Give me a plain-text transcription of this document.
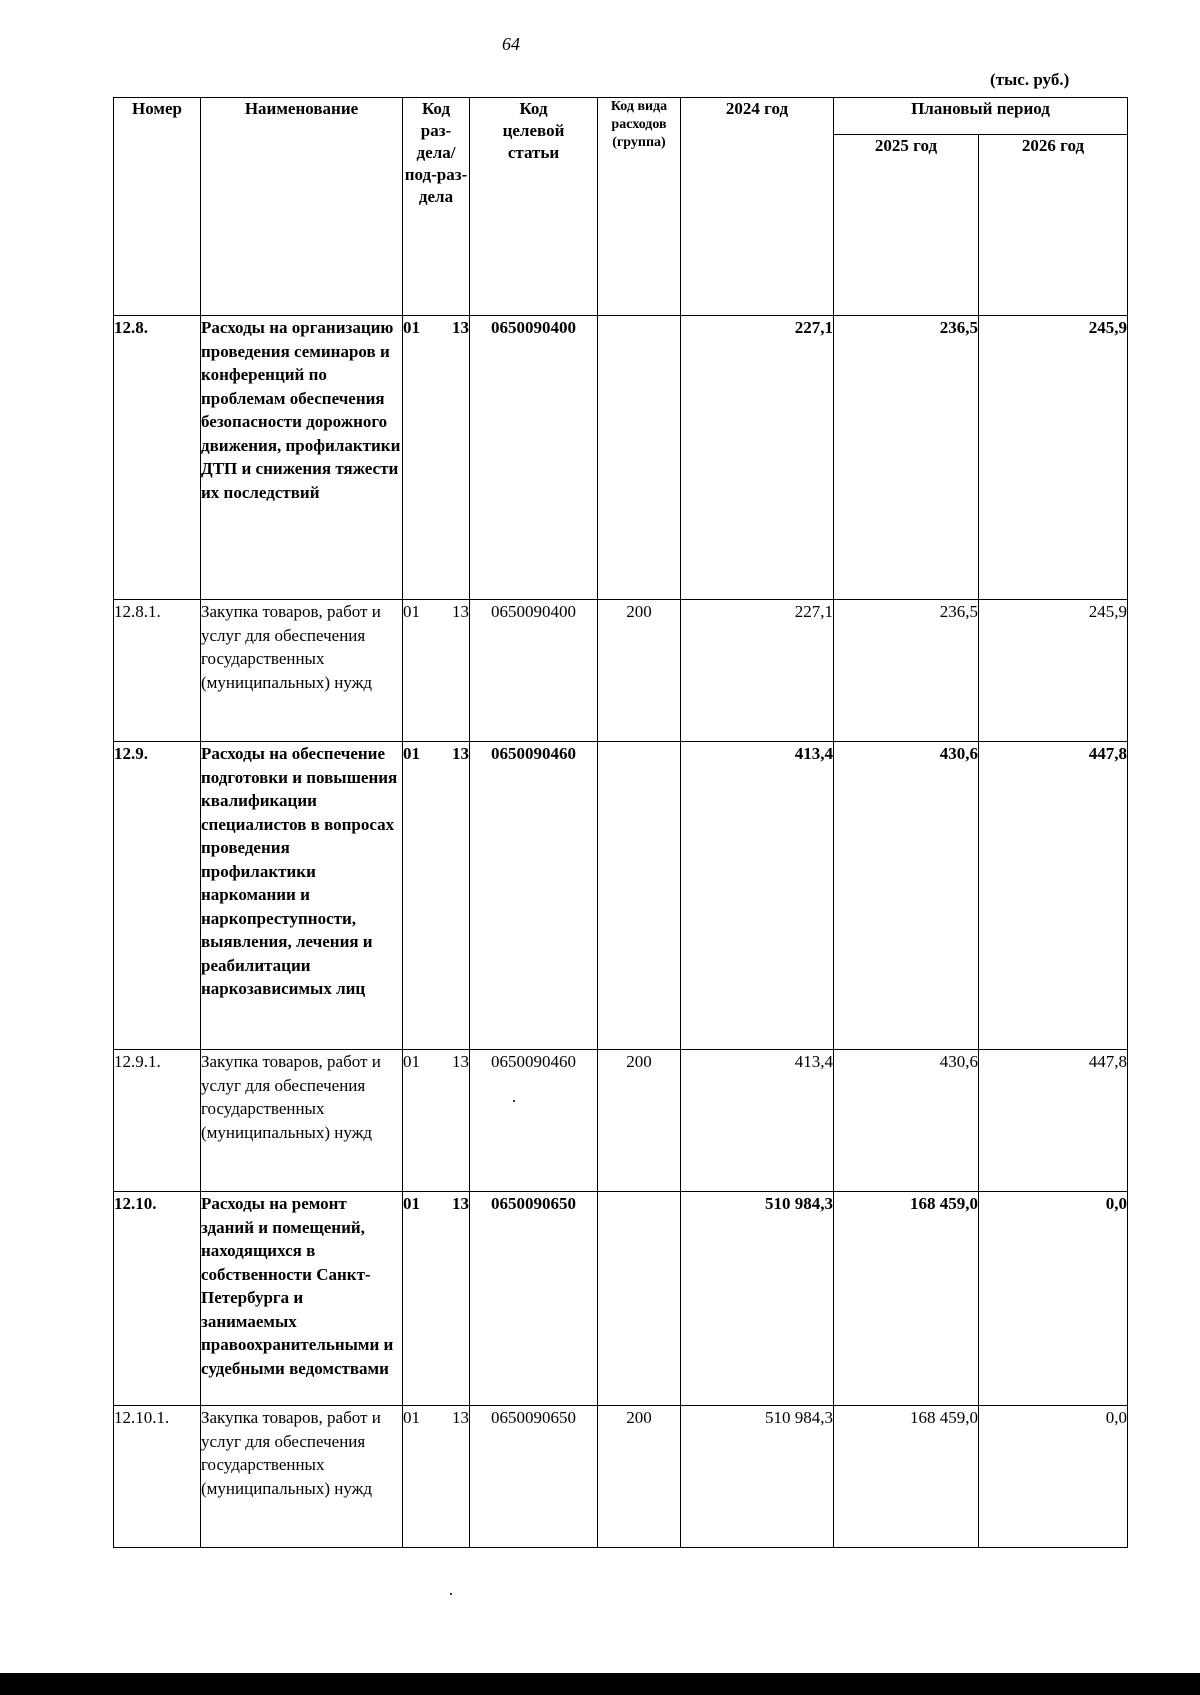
64
(тыс. руб.)
Номер	Наименование	Код раз-дела/ под-раз-дела	Код целевой статьи	Код вида расходов (группа)	2024 год	Плановый период	
						2025 год	2026 год
12.8.	Расходы на организацию проведения семинаров и конференций по проблемам обеспечения безопасности дорожного движения, профилактики ДТП и снижения тяжести их последствий	01 13	0650090400		227,1	236,5	245,9
12.8.1.	Закупка товаров, работ и услуг для обеспечения государственных (муниципальных) нужд	01 13	0650090400	200	227,1	236,5	245,9
12.9.	Расходы на обеспечение подготовки и повышения квалификации специалистов в вопросах проведения профилактики наркомании и наркопреступности, выявления, лечения и реабилитации наркозависимых лиц	01 13	0650090460		413,4	430,6	447,8
12.9.1.	Закупка товаров, работ и услуг для обеспечения государственных (муниципальных) нужд	01 13	0650090460	200	413,4	430,6	447,8
12.10.	Расходы на ремонт зданий и помещений, находящихся в собственности Санкт-Петербурга и занимаемых правоохранительными и судебными ведомствами	01 13	0650090650		510 984,3	168 459,0	0,0
12.10.1.	Закупка товаров, работ и услуг для обеспечения государственных (муниципальных) нужд	01 13	0650090650	200	510 984,3	168 459,0	0,0
